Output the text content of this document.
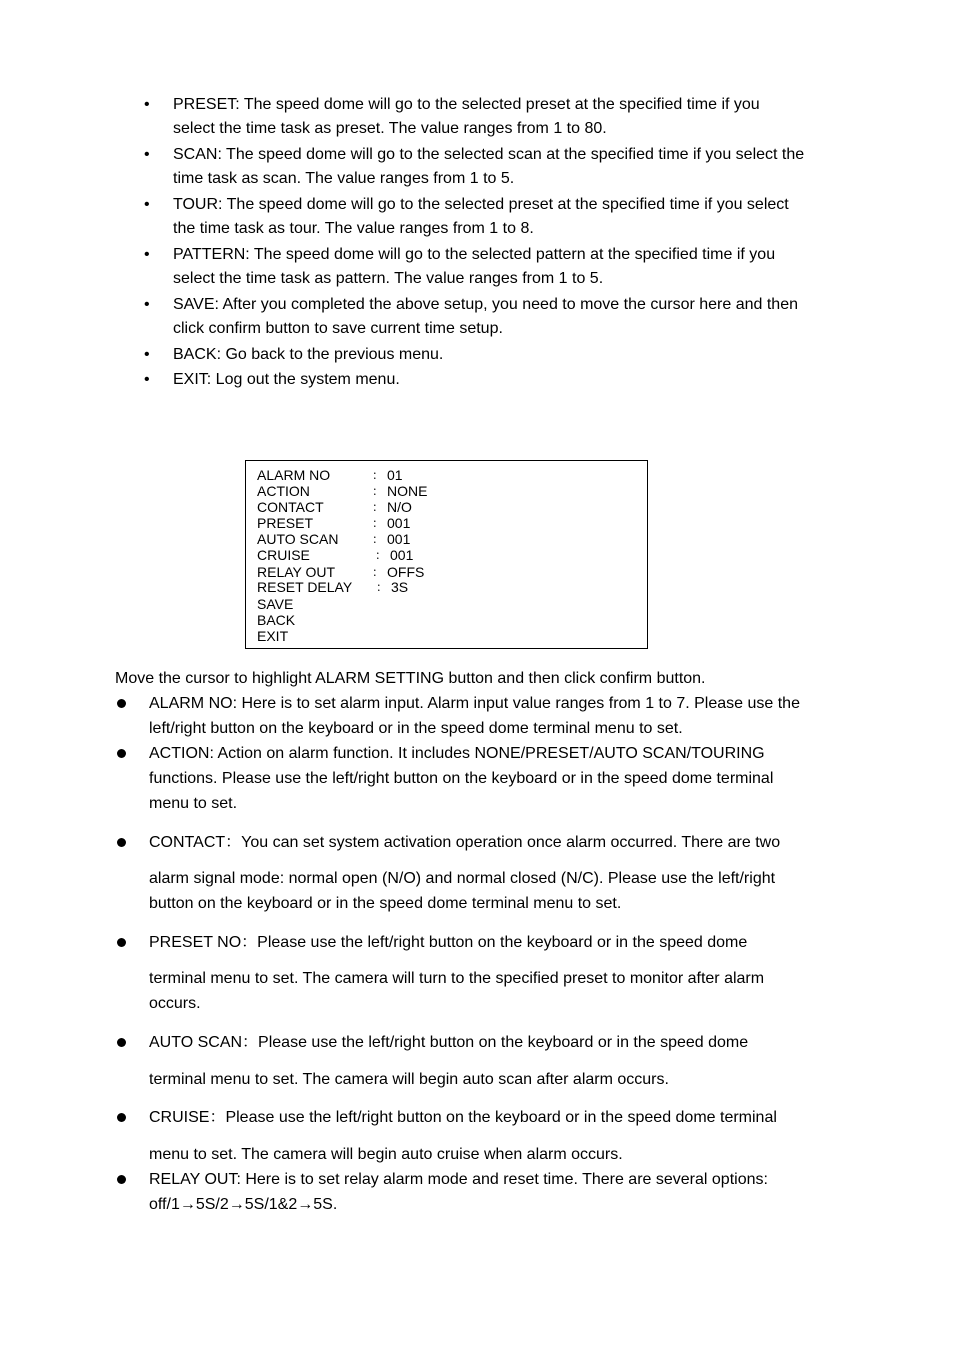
• PRESET: The speed dome will go to the selected preset at the specified time if you
select the time task as preset. The value ranges from 1 to 80.
• SCAN: The speed dome will go to the selected scan at the specified time if you select the
time task as scan. The value ranges from 1 to 5.
• TOUR: The speed dome will go to the selected preset at the specified time if you select
the time task as tour. The value ranges from 1 to 8.
• PATTERN: The speed dome will go to the selected pattern at the specified time if you
select the time task as pattern. The value ranges from 1 to 5.
• SAVE: After you completed the above setup, you need to move the cursor here and then
click confirm button to save current time setup.
• BACK: Go back to the previous menu.
• EXIT: Log out the system menu.
ALARM NO	： 01
ACTION	： NONE
CONTACT	： N/O
PRESET	： 001
AUTO SCAN	： 001
CRUISE	： 001
RELAY OUT	： OFFS
RESET DELAY ： 3S
SAVE
BACK
EXIT
Move the cursor to highlight ALARM SETTING button and then click confirm button.
ALARM NO: Here is to set alarm input. Alarm input value ranges from 1 to 7. Please use the
left/right button on the keyboard or in the speed dome terminal menu to set.
ACTION: Action on alarm function. It includes NONE/PRESET/AUTO SCAN/TOURING
functions. Please use the left/right button on the keyboard or in the speed dome terminal
menu to set.
CONTACT：You can set system activation operation once alarm occurred. There are two
alarm signal mode: normal open (N/O) and normal closed (N/C). Please use the left/right
button on the keyboard or in the speed dome terminal menu to set.
PRESET NO：Please use the left/right button on the keyboard or in the speed dome
terminal menu to set. The camera will turn to the specified preset to monitor after alarm
occurs.
AUTO SCAN：Please use the left/right button on the keyboard or in the speed dome
terminal menu to set. The camera will begin auto scan after alarm occurs.
CRUISE：Please use the left/right button on the keyboard or in the speed dome terminal
menu to set. The camera will begin auto cruise when alarm occurs.
RELAY OUT: Here is to set relay alarm mode and reset time. There are several options:
off/1→5S/2→5S/1&2→5S.
